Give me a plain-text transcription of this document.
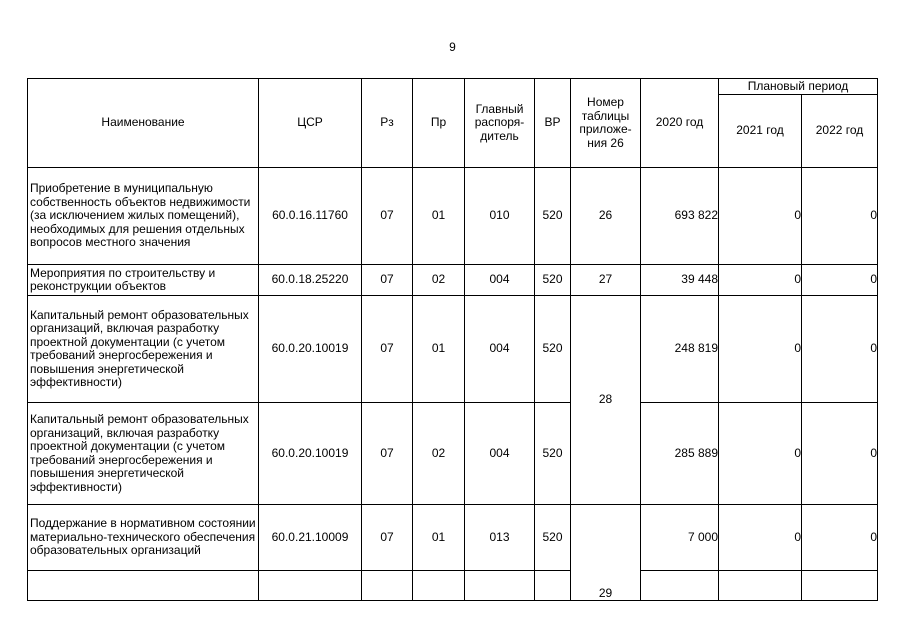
9
Наименование	ЦСР	Рз	Пр	Главный распоря-дитель	ВР	Номер таблицы приложе-ния 26	2020 год	Плановый период	
								2021 год	2022 год
Приобретение в муниципальную собственность объектов недвижимости (за исключением жилых помещений), необходимых для решения отдельных вопросов местного значения	60.0.16.11760	07	01	010	520	26	693 822	0	0
Мероприятия по строительству и реконструкции объектов	60.0.18.25220	07	02	004	520	27	39 448	0	0
Капитальный ремонт образовательных организаций, включая разработку проектной документации (с учетом требований энергосбережения и повышения энергетической эффективности)	60.0.20.10019	07	01	004	520	28	248 819	0	0
Капитальный ремонт образовательных организаций, включая разработку проектной документации (с учетом требований энергосбережения и повышения энергетической эффективности)	60.0.20.10019	07	02	004	520		285 889	0	0
Поддержание в нормативном состоянии материально-технического обеспечения образовательных организаций	60.0.21.10009	07	01	013	520	29	7 000	0	0
